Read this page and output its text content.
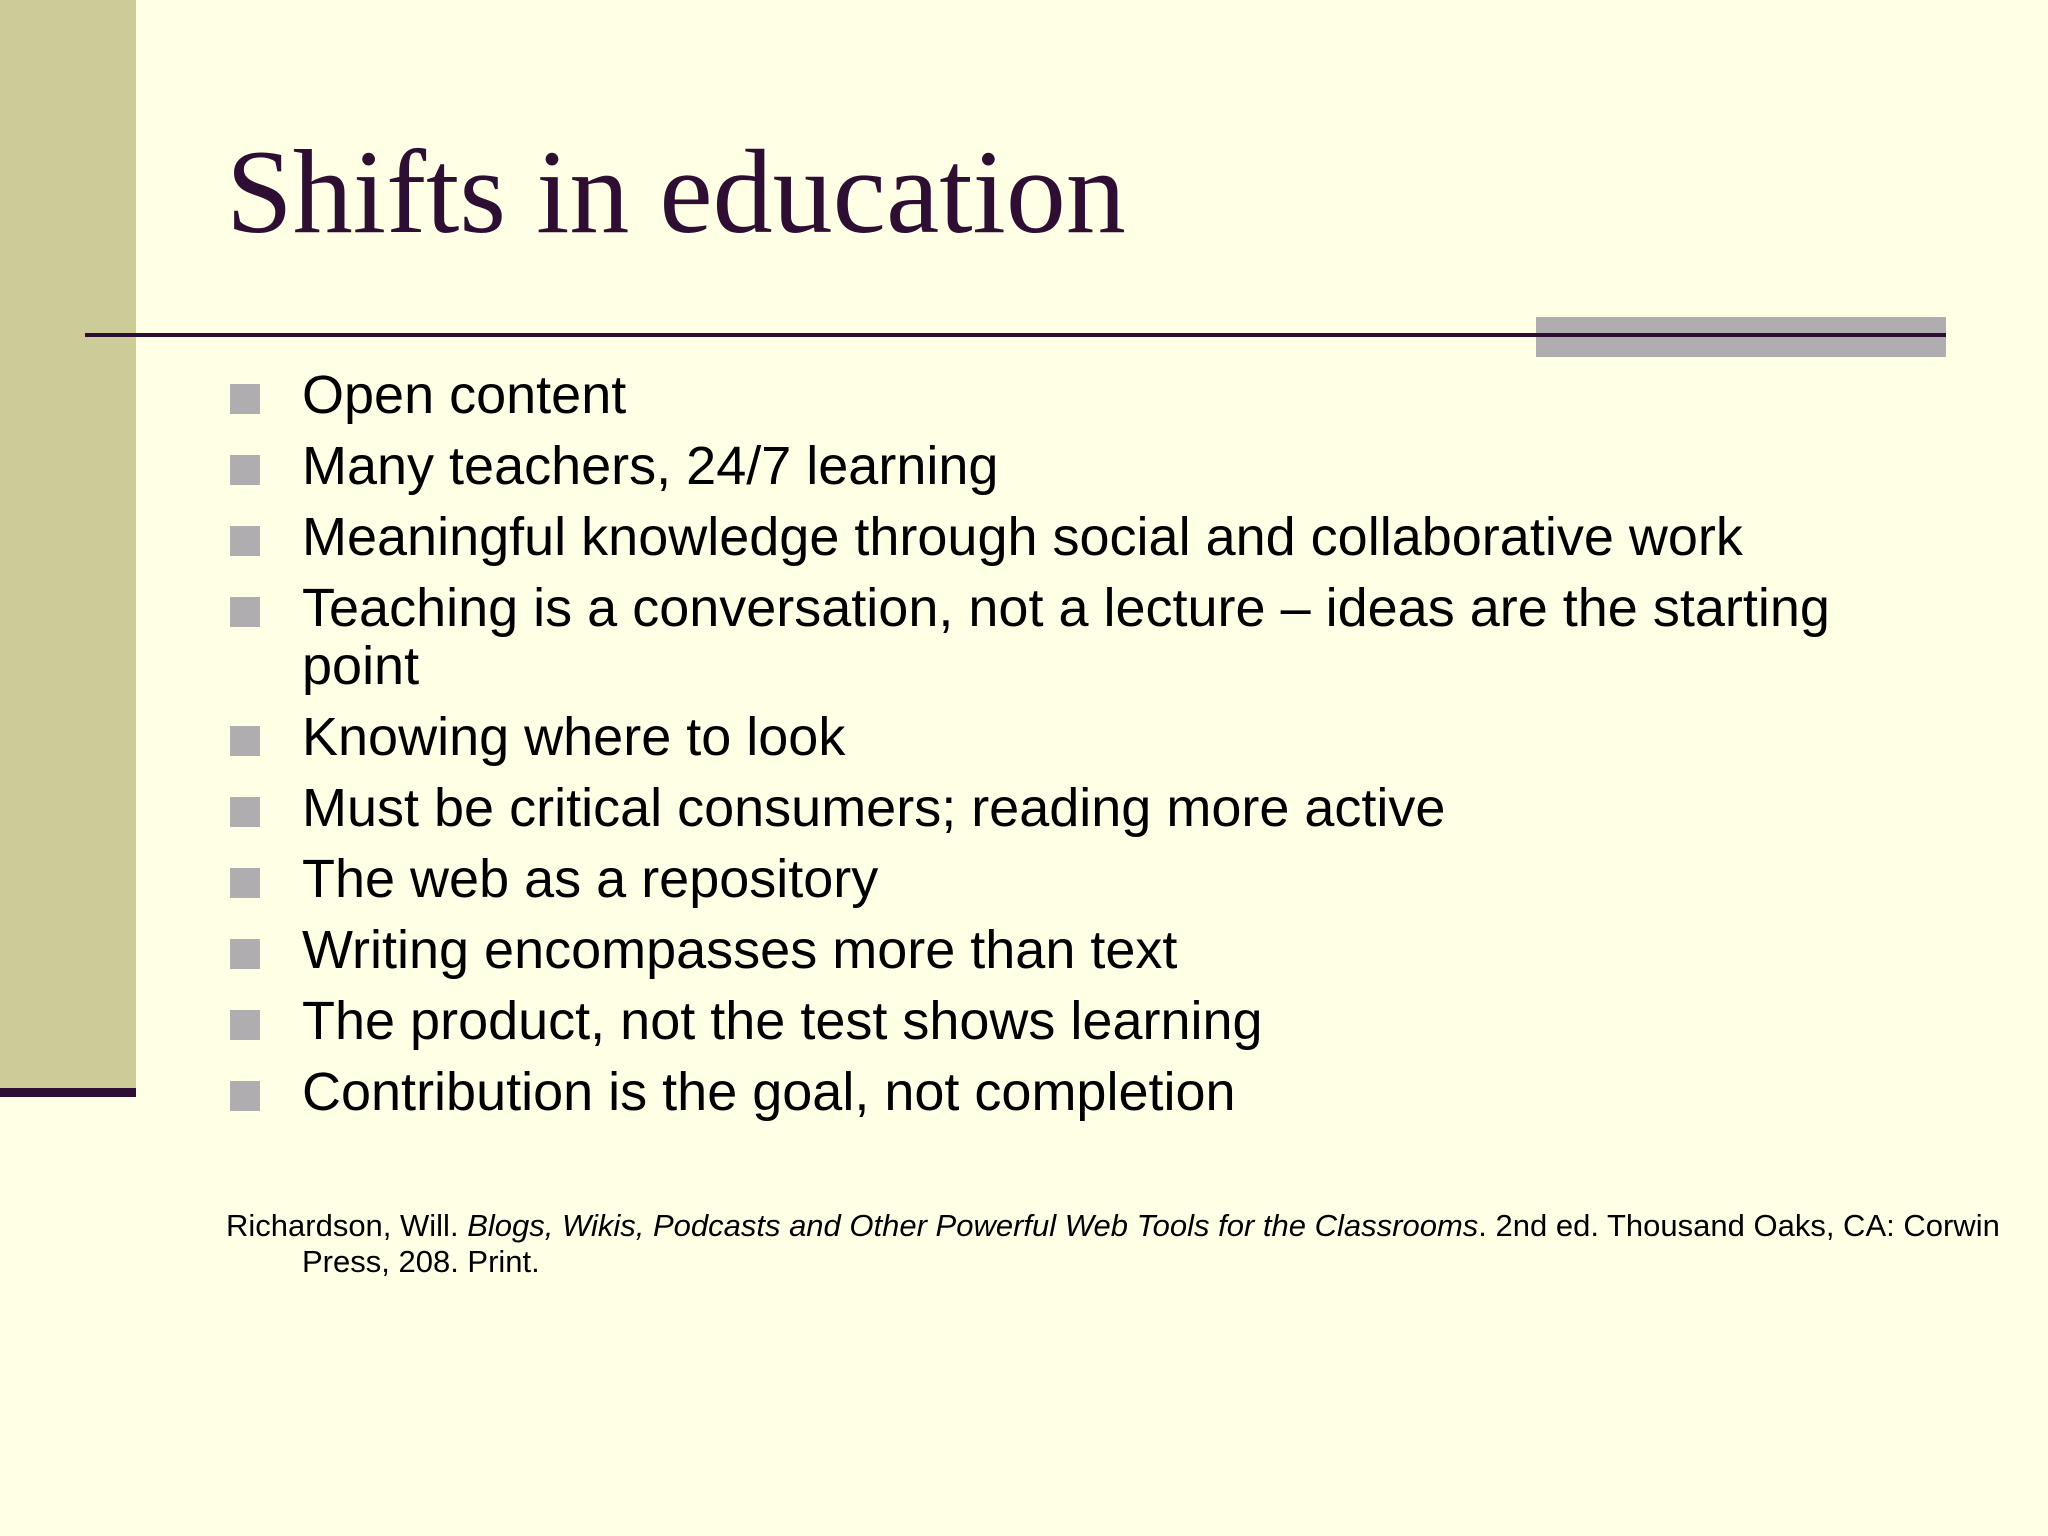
Shifts in education
Open content
Many teachers, 24/7 learning
Meaningful knowledge through social and collaborative work
Teaching is a conversation, not a lecture – ideas are the starting point
Knowing where to look
Must be critical consumers; reading more active
The web as a repository
Writing encompasses more than text
The product, not the test shows learning
Contribution is the goal, not completion

Richardson, Will. Blogs, Wikis, Podcasts and Other Powerful Web Tools for the Classrooms. 2nd ed. Thousand Oaks, CA: Corwin Press, 208. Print.
